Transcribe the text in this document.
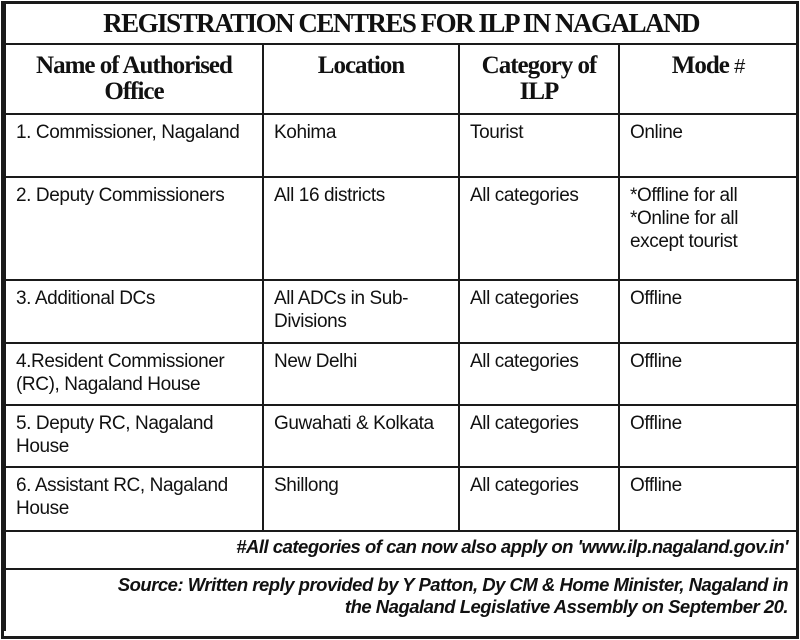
REGISTRATION CENTRES FOR ILP IN NAGALAND			
Name of Authorised Office	Location	Category of ILP	Mode #
1. Commissioner, Nagaland	Kohima	Tourist	Online
2. Deputy Commissioners	All 16 districts	All categories	*Offline for all *Online for all except tourist
3. Additional DCs	All ADCs in Sub-Divisions	All categories	Offline
4.Resident Commissioner (RC), Nagaland House	New Delhi	All categories	Offline
5. Deputy RC, Nagaland House	Guwahati & Kolkata	All categories	Offline
6. Assistant RC, Nagaland House	Shillong	All categories	Offline
#All categories of can now also apply on 'www.ilp.nagaland.gov.in'			
Source: Written reply provided by Y Patton, Dy CM & Home Minister, Nagaland in the Nagaland Legislative Assembly on September 20.			
